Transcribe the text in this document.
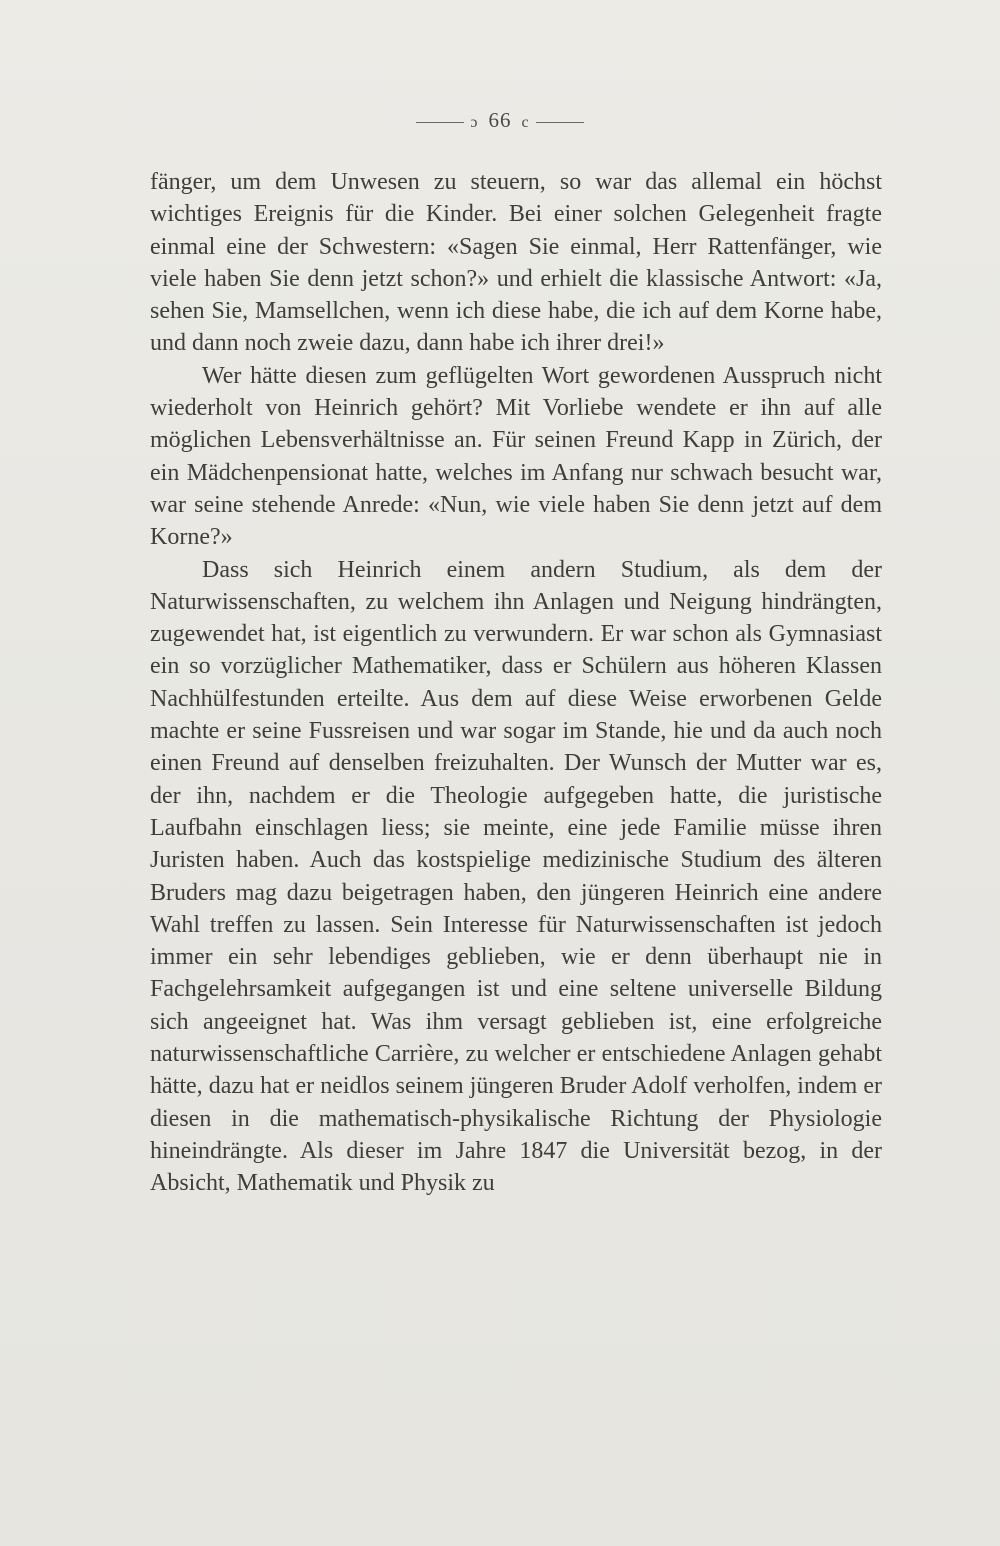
ɔ 66 c

fänger, um dem Unwesen zu steuern, so war das allemal ein höchst wichtiges Ereignis für die Kinder. Bei einer solchen Gelegenheit fragte einmal eine der Schwestern: «Sagen Sie einmal, Herr Rattenfänger, wie viele haben Sie denn jetzt schon?» und erhielt die klassische Antwort: «Ja, sehen Sie, Mamsellchen, wenn ich diese habe, die ich auf dem Korne habe, und dann noch zweie dazu, dann habe ich ihrer drei!»

Wer hätte diesen zum geflügelten Wort gewordenen Ausspruch nicht wiederholt von Heinrich gehört? Mit Vorliebe wendete er ihn auf alle möglichen Lebensverhältnisse an. Für seinen Freund Kapp in Zürich, der ein Mädchenpensionat hatte, welches im Anfang nur schwach besucht war, war seine stehende Anrede: «Nun, wie viele haben Sie denn jetzt auf dem Korne?»

Dass sich Heinrich einem andern Studium, als dem der Naturwissenschaften, zu welchem ihn Anlagen und Neigung hindrängten, zugewendet hat, ist eigentlich zu verwundern. Er war schon als Gymnasiast ein so vorzüglicher Mathematiker, dass er Schülern aus höheren Klassen Nachhülfestunden erteilte. Aus dem auf diese Weise erworbenen Gelde machte er seine Fussreisen und war sogar im Stande, hie und da auch noch einen Freund auf denselben freizuhalten. Der Wunsch der Mutter war es, der ihn, nachdem er die Theologie aufgegeben hatte, die juristische Laufbahn einschlagen liess; sie meinte, eine jede Familie müsse ihren Juristen haben. Auch das kostspielige medizinische Studium des älteren Bruders mag dazu beigetragen haben, den jüngeren Heinrich eine andere Wahl treffen zu lassen. Sein Interesse für Naturwissenschaften ist jedoch immer ein sehr lebendiges geblieben, wie er denn überhaupt nie in Fachgelehrsamkeit aufgegangen ist und eine seltene universelle Bildung sich angeeignet hat. Was ihm versagt geblieben ist, eine erfolgreiche naturwissenschaftliche Carrière, zu welcher er entschiedene Anlagen gehabt hätte, dazu hat er neidlos seinem jüngeren Bruder Adolf verholfen, indem er diesen in die mathematisch-physikalische Richtung der Physiologie hineindrängte. Als dieser im Jahre 1847 die Universität bezog, in der Absicht, Mathematik und Physik zu
